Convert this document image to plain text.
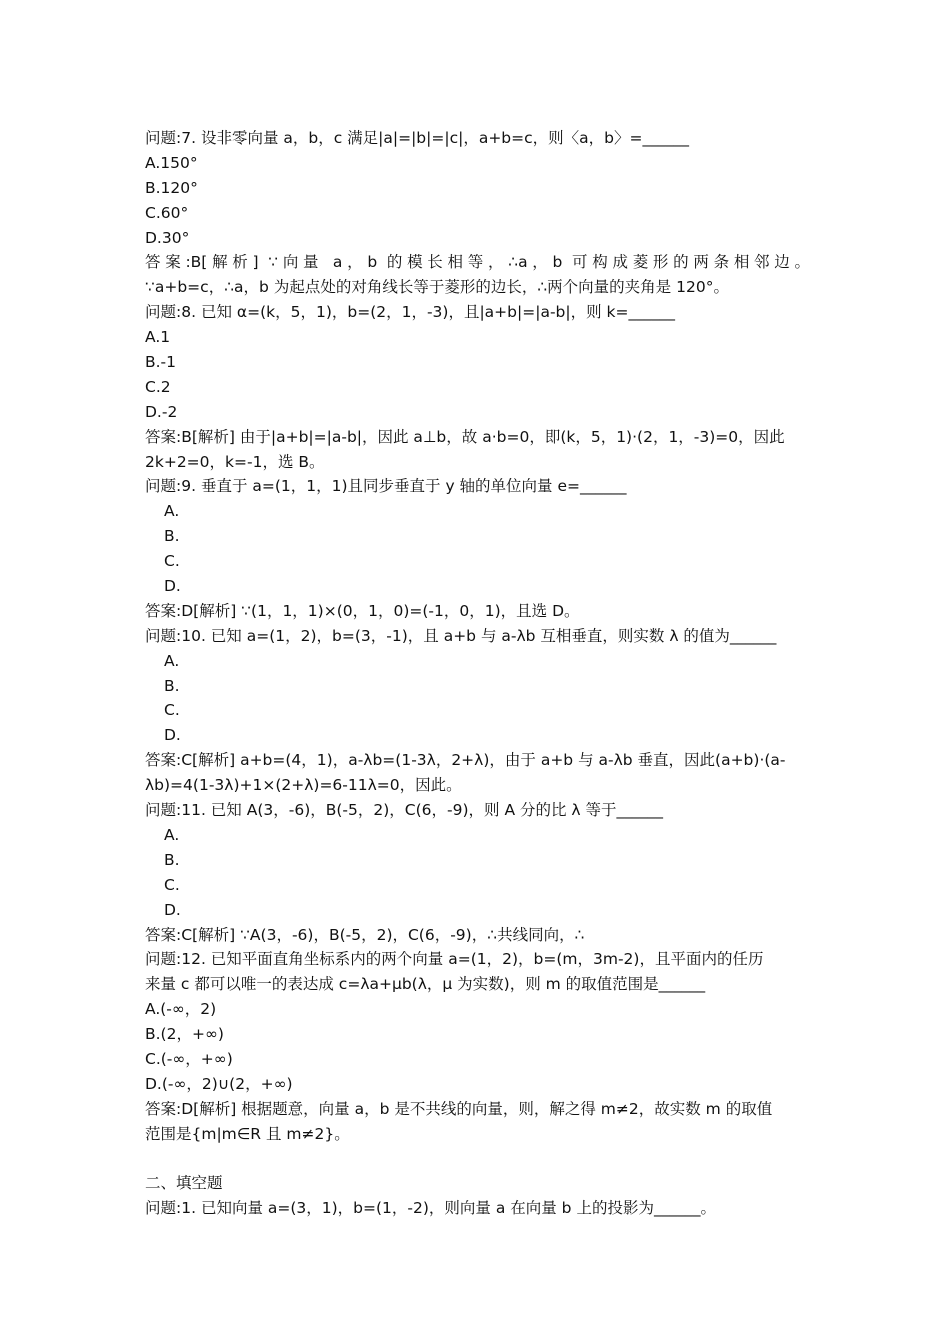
问题:7. 设非零向量 a，b，c 满足|a|=|b|=|c|，a+b=c，则〈a，b〉=______
A.150°
B.120°
C.60°
D.30°
答案:B[解析] ∵向量 a，b 的模长相等，∴a，b 可构成菱形的两条相邻边。
∵a+b=c，∴a，b 为起点处的对角线长等于菱形的边长，∴两个向量的夹角是 120°。
问题:8. 已知 α=(k，5，1)，b=(2，1，-3)，且|a+b|=|a-b|，则 k=______
A.1
B.-1
C.2
D.-2
答案:B[解析] 由于|a+b|=|a-b|，因此 a⊥b，故 a·b=0，即(k，5，1)·(2，1，-3)=0，因此
2k+2=0，k=-1，选 B。
问题:9. 垂直于 a=(1，1，1)且同步垂直于 y 轴的单位向量 e=______
A.
B.
C.
D.
答案:D[解析] ∵(1，1，1)×(0，1，0)=(-1，0，1)，且选 D。
问题:10. 已知 a=(1，2)，b=(3，-1)，且 a+b 与 a-λb 互相垂直，则实数 λ 的值为______
A.
B.
C.
D.
答案:C[解析] a+b=(4，1)，a-λb=(1-3λ，2+λ)，由于 a+b 与 a-λb 垂直，因此(a+b)·(a-
λb)=4(1-3λ)+1×(2+λ)=6-11λ=0，因此。
问题:11. 已知 A(3，-6)，B(-5，2)，C(6，-9)，则 A 分的比 λ 等于______
A.
B.
C.
D.
答案:C[解析] ∵A(3，-6)，B(-5，2)，C(6，-9)，∴共线同向，∴
问题:12. 已知平面直角坐标系内的两个向量 a=(1，2)，b=(m，3m-2)，且平面内的任历
来量 c 都可以唯一的表达成 c=λa+μb(λ，μ 为实数)，则 m 的取值范围是______
A.(-∞，2)
B.(2，+∞)
C.(-∞，+∞)
D.(-∞，2)∪(2，+∞)
答案:D[解析] 根据题意，向量 a，b 是不共线的向量，则，解之得 m≠2，故实数 m 的取值
范围是{m|m∈R 且 m≠2}。
二、填空题
问题:1. 已知向量 a=(3，1)，b=(1，-2)，则向量 a 在向量 b 上的投影为______。
